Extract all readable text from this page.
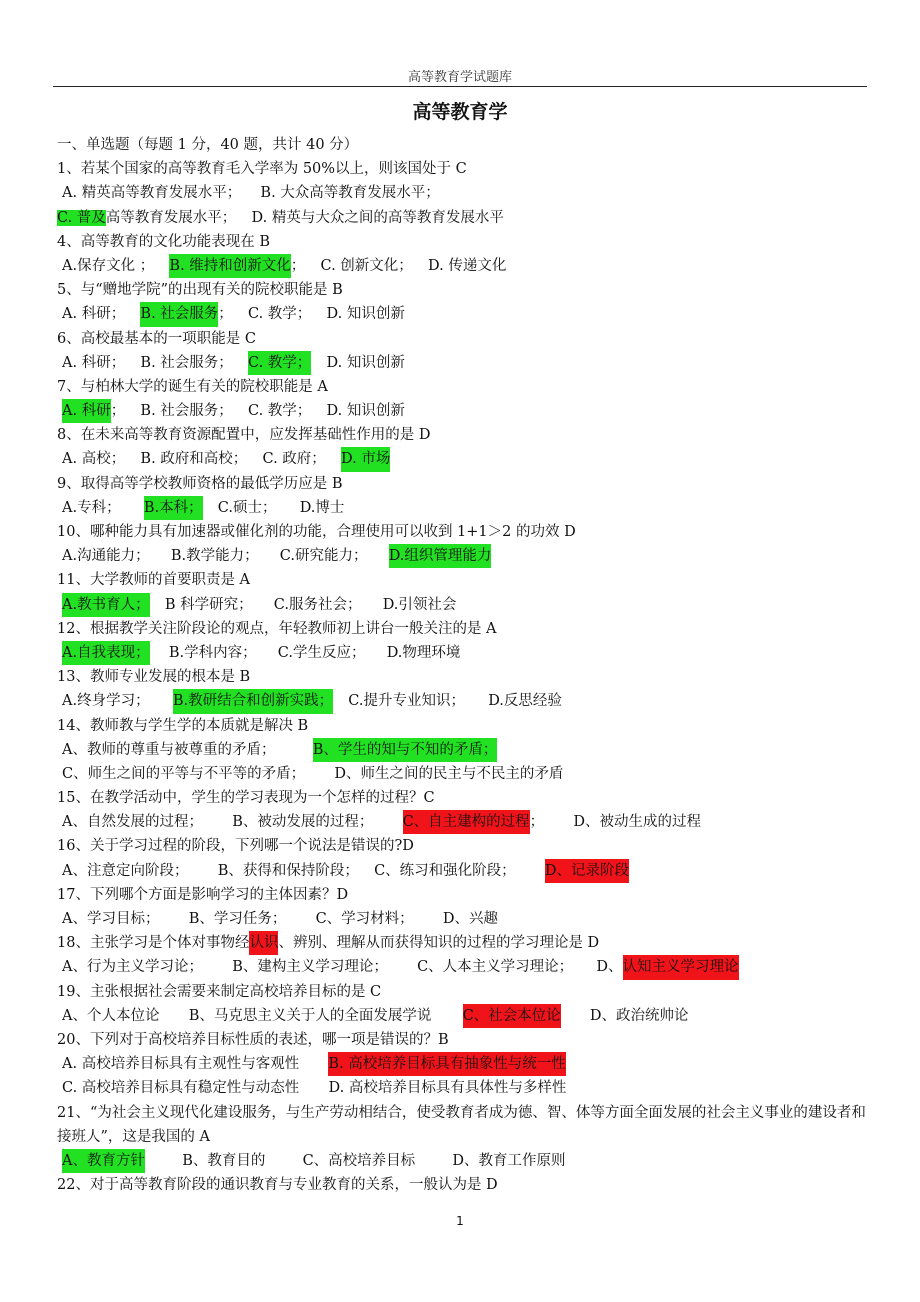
高等教育学试题库
高等教育学
一、单选题（每题 1 分，40 题，共计 40 分）
1、若某个国家的高等教育毛入学率为 50%以上，则该国处于 C
A. 精英高等教育发展水平； B. 大众高等教育发展水平；
C. 普及高等教育发展水平； D. 精英与大众之间的高等教育发展水平
4、高等教育的文化功能表现在 B
A.保存文化 ； B. 维持和创新文化； C. 创新文化； D. 传递文化
5、与“赠地学院”的出现有关的院校职能是 B
A. 科研； B. 社会服务； C. 教学； D. 知识创新
6、高校最基本的一项职能是 C
A. 科研； B. 社会服务； C. 教学； D. 知识创新
7、与柏林大学的诞生有关的院校职能是 A
A. 科研； B. 社会服务； C. 教学； D. 知识创新
8、在未来高等教育资源配置中，应发挥基础性作用的是 D
A. 高校； B. 政府和高校； C. 政府； D. 市场
9、取得高等学校教师资格的最低学历应是 B
A.专科； B.本科； C.硕士； D.博士
10、哪种能力具有加速器或催化剂的功能，合理使用可以收到 1+1＞2 的功效 D
A.沟通能力； B.教学能力； C.研究能力； D.组织管理能力
11、大学教师的首要职责是 A
A.教书育人； B 科学研究； C.服务社会； D.引领社会
12、根据教学关注阶段论的观点，年轻教师初上讲台一般关注的是 A
A.自我表现； B.学科内容； C.学生反应； D.物理环境
13、教师专业发展的根本是 B
A.终身学习； B.教研结合和创新实践； C.提升专业知识； D.反思经验
14、教师教与学生学的本质就是解决 B
A、教师的尊重与被尊重的矛盾；	B、学生的知与不知的矛盾；
C、师生之间的平等与不平等的矛盾； D、师生之间的民主与不民主的矛盾
15、在教学活动中，学生的学习表现为一个怎样的过程？C
A、自然发展的过程； B、被动发展的过程； C、自主建构的过程； D、被动生成的过程
16、关于学习过程的阶段，下列哪一个说法是错误的?D
A、注意定向阶段； B、获得和保持阶段； C、练习和强化阶段； D、记录阶段
17、下列哪个方面是影响学习的主体因素？D
A、学习目标； B、学习任务； C、学习材料； D、兴趣
18、主张学习是个体对事物经认识、辨别、理解从而获得知识的过程的学习理论是 D
A、行为主义学习论； B、建构主义学习理论； C、人本主义学习理论； D、认知主义学习理论
19、主张根据社会需要来制定高校培养目标的是 C
A、个人本位论 B、马克思主义关于人的全面发展学说 C、社会本位论 D、政治统帅论
20、下列对于高校培养目标性质的表述，哪一项是错误的？B
A. 高校培养目标具有主观性与客观性 B. 高校培养目标具有抽象性与统一性
C. 高校培养目标具有稳定性与动态性 D. 高校培养目标具有具体性与多样性
21、“为社会主义现代化建设服务，与生产劳动相结合，使受教育者成为德、智、体等方面全面发展的社会主义事业的建设者和接班人”，这是我国的 A
A、教育方针	B、教育目的	C、高校培养目标	D、教育工作原则
22、对于高等教育阶段的通识教育与专业教育的关系，一般认为是 D
1
